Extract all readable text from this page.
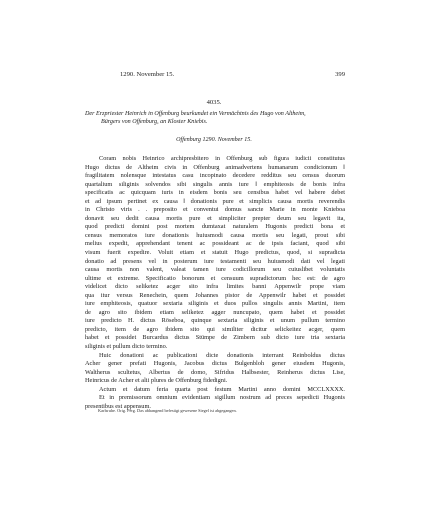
1290. November 15.	399
4035.

Der Erzpriester Heinrich in Offenburg beurkundet ein Vermächtnis des Hugo von Altheim,

Bürgers von Offenburg, an Kloster Kniebis.

Offenburg 1290. November 15.
Coram nobis Heinrico archipresbitero in Offenburg sub figura iudicii constitutus
Hugo dictus de Altheim civis in Offenburg animadvertens humanarum condicionum ‖
fragilitatem nolensque intestatus casu incopinato decedere redditus seu census duorum
quartalium siliginis solvendos sibi singulis annis iure ‖ emphiteosis de bonis infra
specificatis ac quicquam iuris in eisdem bonis seu censibus habet vel habere debet
et ad ipsum pertinet ex causa ‖ donationis pure et simplicis causa mortis reverendis
in Christo viris . . preposito et conventui domus sancte Marie in monte Knieboa
donavit seu dedit causa mortis pure et simpliciter prepter deum seu legavit ita,
quod predicti domini post mortem dumtaxat naturalem Hugonis predicti bona et
census memoratos iure donationis huiusmodi causa mortis seu legati, prout sibi
melius expedit, apprehendant tenent ac possideant ac de ipsis faciant, quod sibi
visum fuerit expedire. Voluit etiam et statuit Hugo predictus, quod, si supradicta
donatio ad presens vel in posterum iure testamenti seu huiusmodi dati vel legati
causa mortis non valent, valeat tamen iure codicillorum seu cuiuslibet voluntatis
ultime et extreme. Specificatio bonorum et censuum supradictorum hec est: de agro
videlicet dicto seliketez acger sito infra limites banni Appenwilr prope viam
qua itur versus Renechein, quem Johannes pistor de Appenwilr habet et possidet
iure emphiteosis, quatuor sextaria siliginis et duos pullos singulis annis Martini, item
de agro sito ibidem etiam seliketez agger nuncupato, quem habet et possidet
iure predicto H. dictus Röseboa, quinque sextaria siliginis et unum pullum termino
predicto, item de agro ibidem sito qui similiter dicitur selickeitez acger, quem
habet et possidet Burcardus dictus Stümpe de Zimbern sub dicto iure tria sextaria
siliginis et pullum dicto termino.
Huic donationi ac publicationi dicte donationis interrant Reinboldus dictus
Acher gener prefati Hugonis, Jacobus dictus Bulgenbloh gener eiusdem Hugonis,
Waltherus scultetus, Albertus de domo, Sifridus Halbsester, Reinherus dictus Lise,
Heinricus de Acher et alii plures de Offenburg fidedigni.
Actum et datum feria quarta post festum Martini anno domini MCCLXXXX.
Et in premissorum omnium evidentiam sigillum nostrum ad preces sepedicti Hugonis
presentibus est appensum.
Karlsruhe. Orig. Perg. Das abhangend befestigt gewesene Siegel ist abgegangen.
